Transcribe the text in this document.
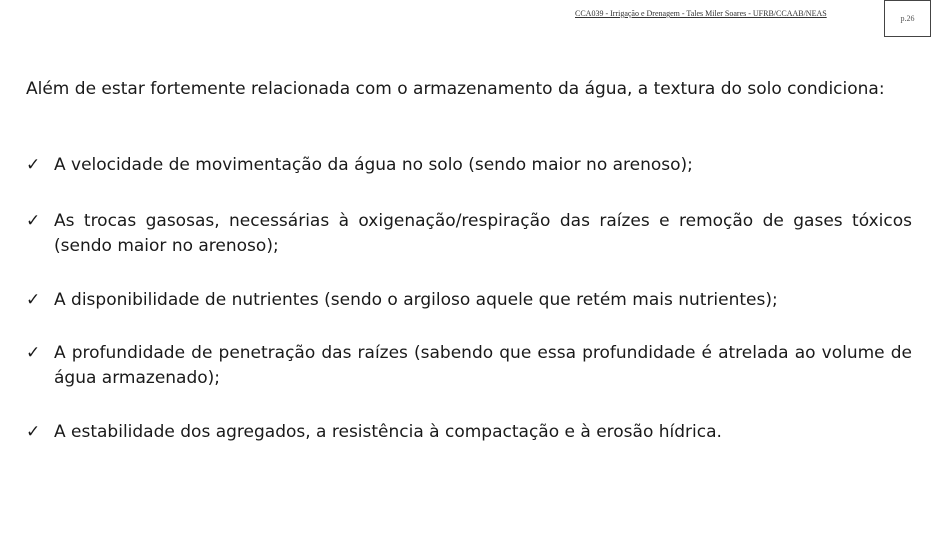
CCA039 - Irrigação e Drenagem - Tales Miler Soares - UFRB/CCAAB/NEAS
p.26
Além de estar fortemente relacionada com o armazenamento da água, a textura do solo condiciona:
✓ A velocidade de movimentação da água no solo (sendo maior no arenoso);
✓ As trocas gasosas, necessárias à oxigenação/respiração das raízes e remoção de gases tóxicos (sendo maior no arenoso);
✓ A disponibilidade de nutrientes (sendo o argiloso aquele que retém mais nutrientes);
✓ A profundidade de penetração das raízes (sabendo que essa profundidade é atrelada ao volume de água armazenado);
✓ A estabilidade dos agregados, a resistência à compactação e à erosão hídrica.
